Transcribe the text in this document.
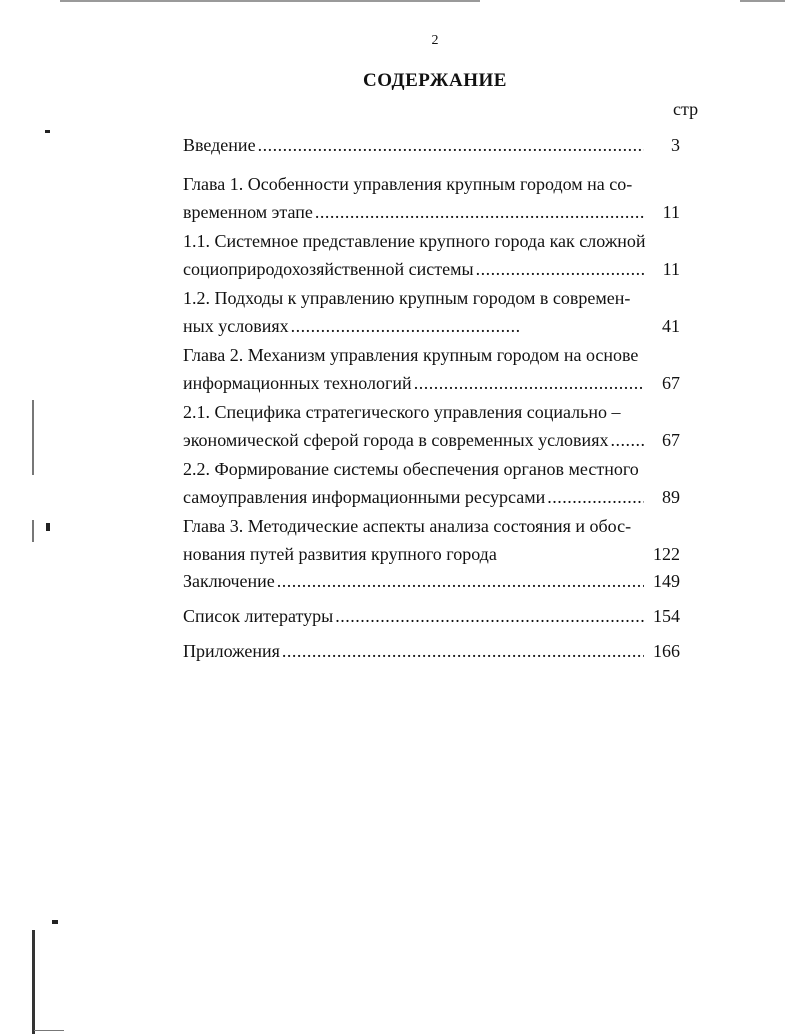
2
СОДЕРЖАНИЕ
стр
Введение . . .	3
Глава 1. Особенности управления крупным городом на со-
временном этапе . . .	11
1.1. Системное представление крупного города как сложной
социоприродохозяйственной системы . . .	11
1.2. Подходы к управлению крупным городом в современ-
ных условиях . . .	41
Глава 2. Механизм управления крупным городом на основе
информационных технологий . . .	67
2.1. Специфика стратегического управления социально –
экономической сферой города в современных условиях . . .	67
2.2. Формирование системы обеспечения органов местного
самоуправления информационными ресурсами . . .	89
Глава 3. Методические аспекты анализа состояния и обос-
нования путей развития крупного города	122
Заключение . . .	149
Список литературы . . .	154
Приложения . . .	166
